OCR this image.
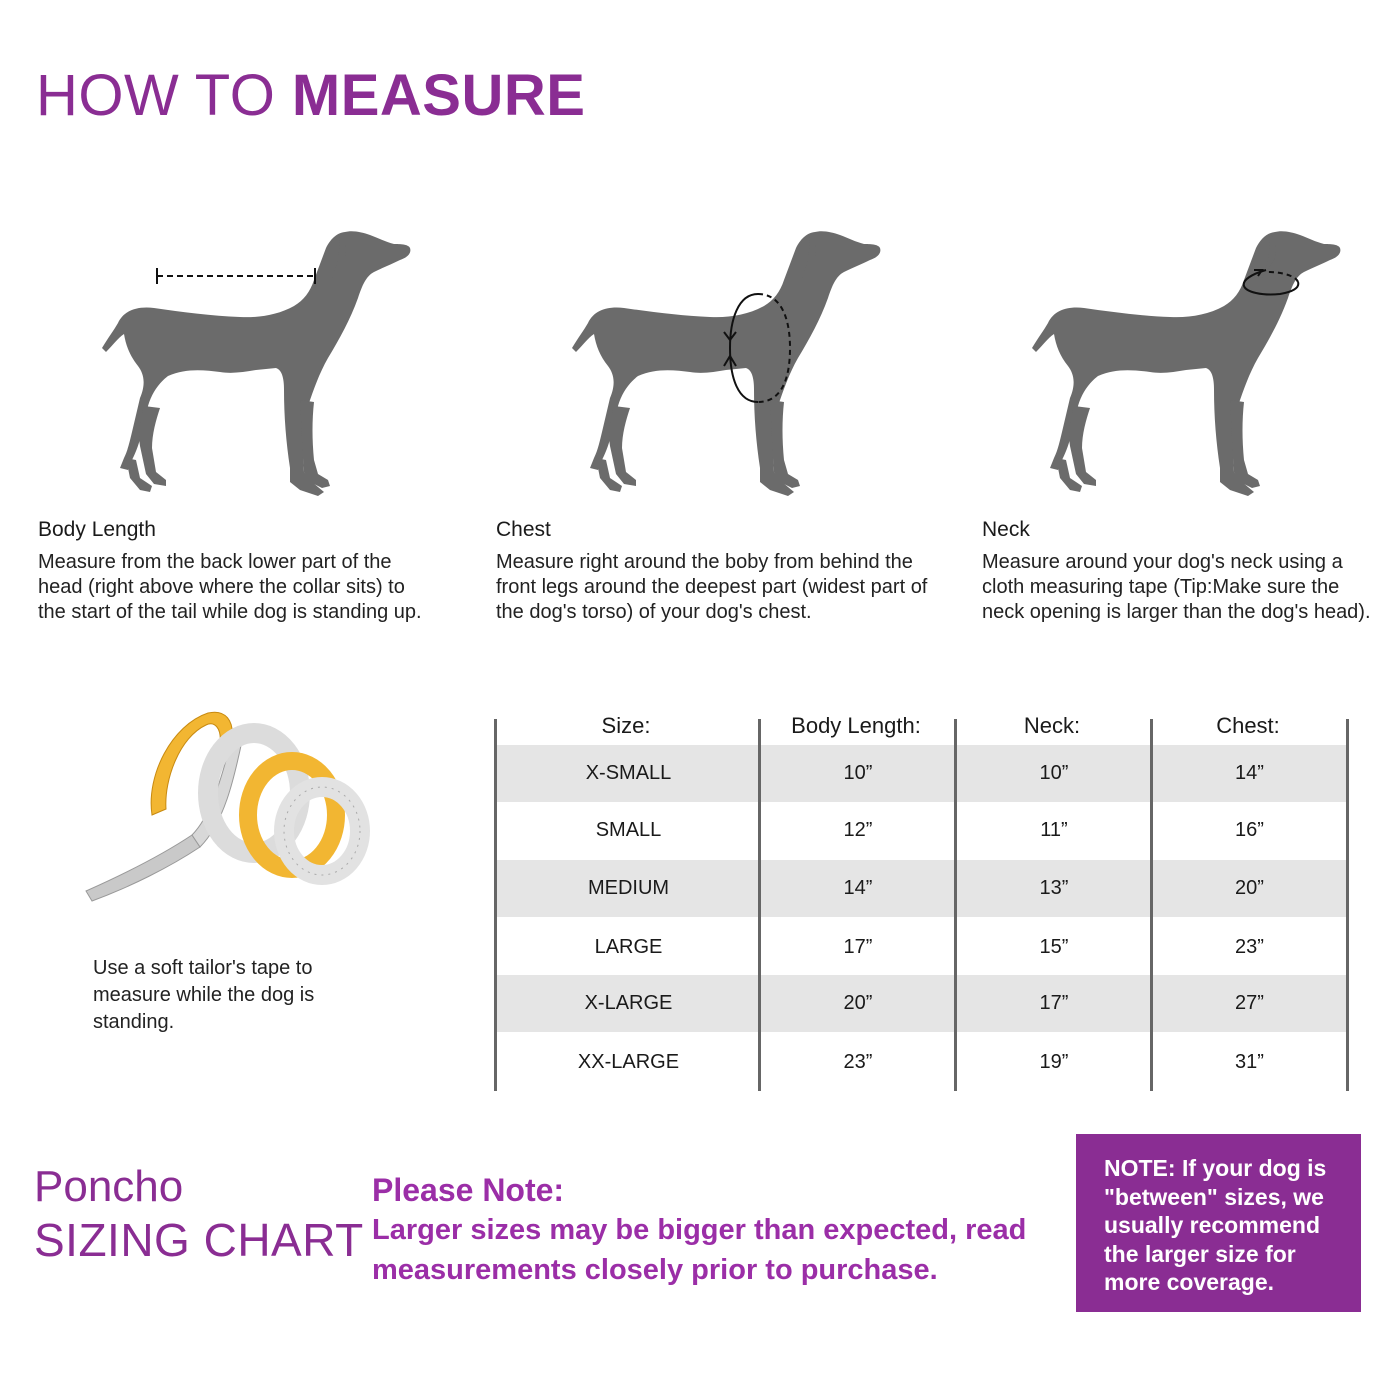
HOW TO MEASURE
Body Length
Measure from the back lower part of the head (right above where the collar sits) to the start of the tail while dog is standing up.
Chest
Measure right around the boby from behind the front legs around the deepest part (widest part of the dog's torso) of your dog's chest.
Neck
Measure around your dog's neck using a cloth measuring tape (Tip:Make sure the neck opening is larger than the dog's head).
Use a soft tailor's tape to measure while the dog is standing.
X-SMALL	10”	10”	14”
SMALL	12”	11”	16”
MEDIUM	14”	13”	20”
LARGE	17”	15”	23”
X-LARGE	20”	17”	27”
XX-LARGE	23”	19”	31”
Size:	Body Length:	Neck:	Chest:
Poncho
SIZING CHART
Please Note:
Larger sizes may be bigger than expected, read measurements closely prior to purchase.
NOTE: If your dog is "between" sizes, we usually recommend the larger size for more coverage.
